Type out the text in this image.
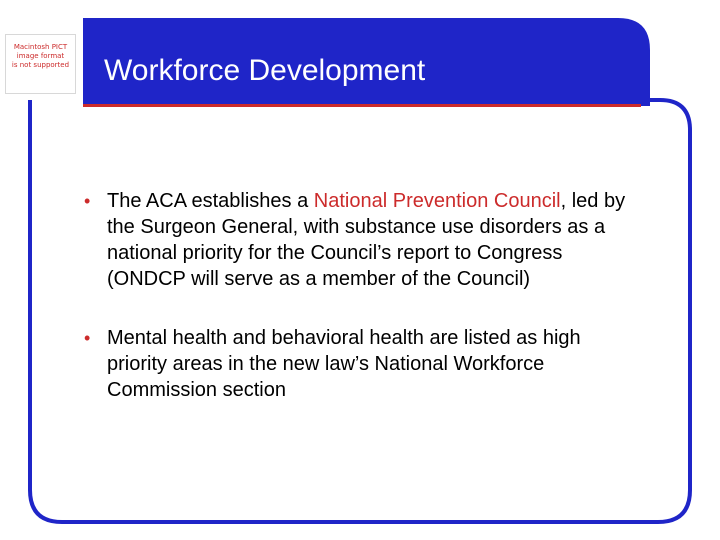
Macintosh PICT
image format
is not supported Workforce Development
• The ACA establishes a National Prevention Council, led by the Surgeon General, with substance use disorders as a national priority for the Council’s report to Congress (ONDCP will serve as a member of the Council)
• Mental health and behavioral health are listed as high priority areas in the new law’s National Workforce Commission section
